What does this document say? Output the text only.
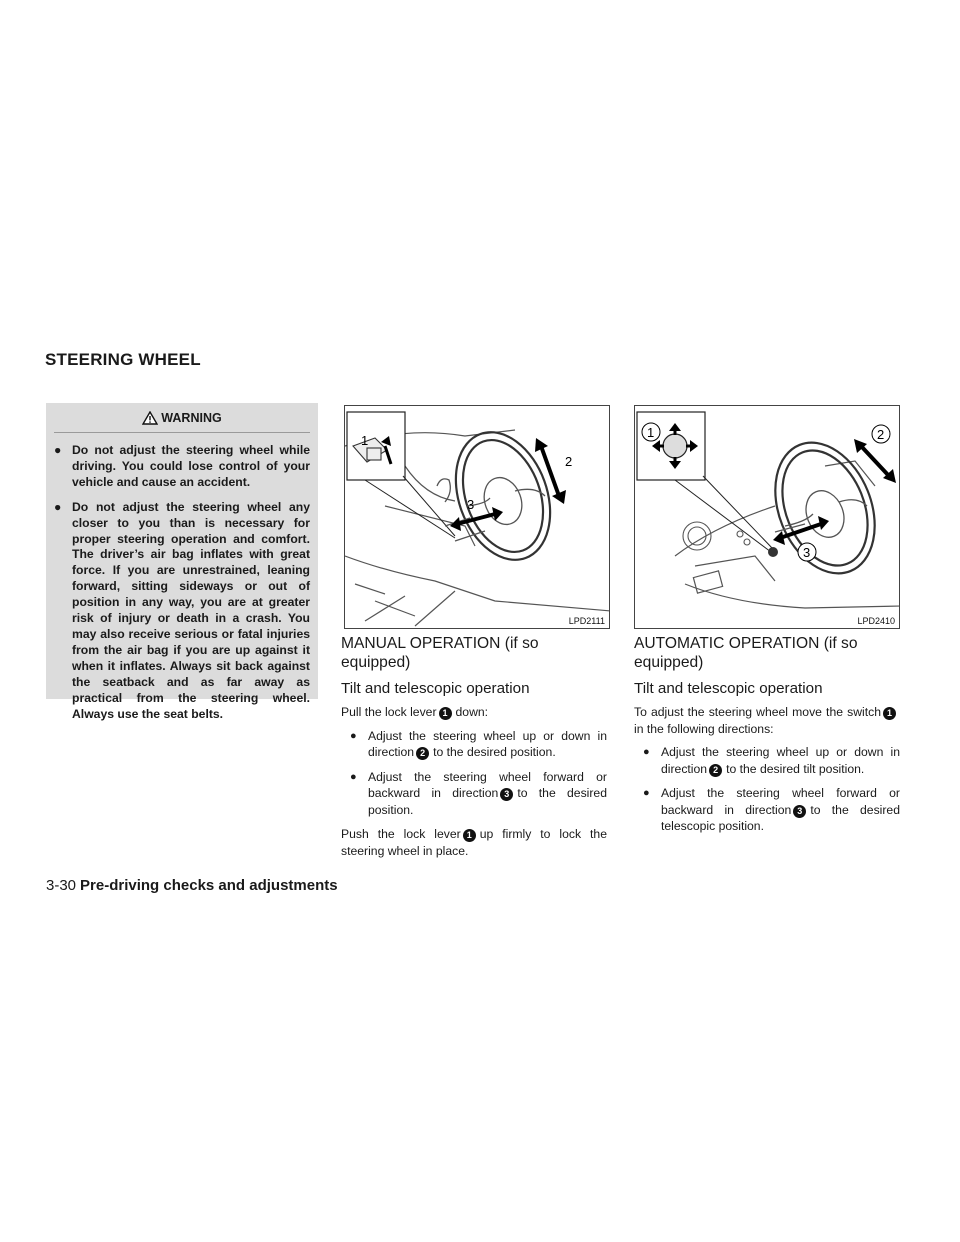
STEERING WHEEL
WARNING
● Do not adjust the steering wheel while driving. You could lose control of your vehicle and cause an accident.
● Do not adjust the steering wheel any closer to you than is necessary for proper steering operation and comfort. The driver’s air bag inflates with great force. If you are unrestrained, leaning forward, sitting sideways or out of position in any way, you are at greater risk of injury or death in a crash. You may also receive serious or fatal injuries from the air bag if you are up against it when it inflates. Always sit back against the seatback and as far away as practical from the steering wheel. Always use the seat belts.
1
2
3
LPD2111
1	2
3
LPD2410
MANUAL OPERATION (if so equipped)
Tilt and telescopic operation

Pull the lock lever 1 down:

● Adjust the steering wheel up or down in direction 2 to the desired position.
● Adjust the steering wheel forward or backward in direction 3 to the desired position.

Push the lock lever 1 up firmly to lock the steering wheel in place.

AUTOMATIC OPERATION (if so equipped)
Tilt and telescopic operation

To adjust the steering wheel move the switch 1in the following directions:

● Adjust the steering wheel up or down in direction 2 to the desired tilt position.
● Adjust the steering wheel forward or backward in direction 3 to the desired telescopic position.
3-30 Pre-driving checks and adjustments
